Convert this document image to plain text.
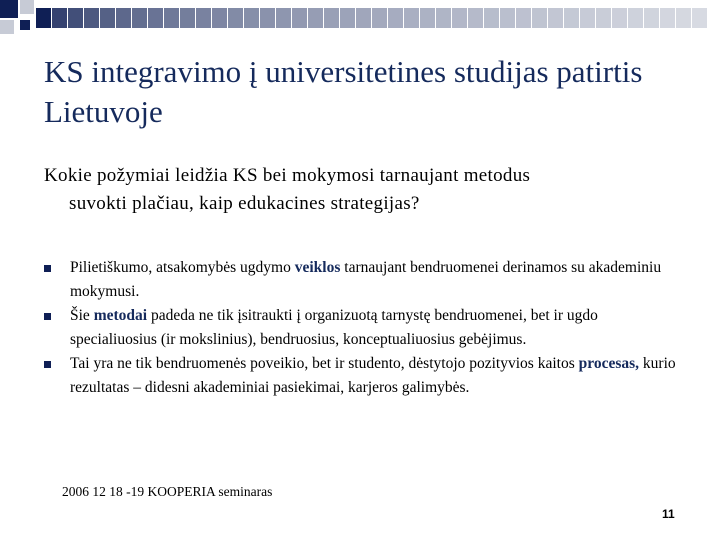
KS integravimo į universitetines studijas patirtis Lietuvoje
Kokie požymiai leidžia KS bei mokymosi tarnaujant metodus
suvokti plačiau, kaip edukacines strategijas?
Pilietiškumo, atsakomybės ugdymo veiklos tarnaujant bendruomenei derinamos su akademiniu mokymusi.
Šie metodai padeda ne tik įsitraukti į organizuotą tarnystę bendruomenei, bet ir ugdo specialiuosius (ir mokslinius), bendruosius, konceptualiuosius gebėjimus.
Tai yra ne tik bendruomenės poveikio, bet ir studento, dėstytojo pozityvios kaitos procesas, kurio rezultatas – didesni akademiniai pasiekimai, karjeros galimybės.
2006 12 18 -19 KOOPERIA seminaras
11
